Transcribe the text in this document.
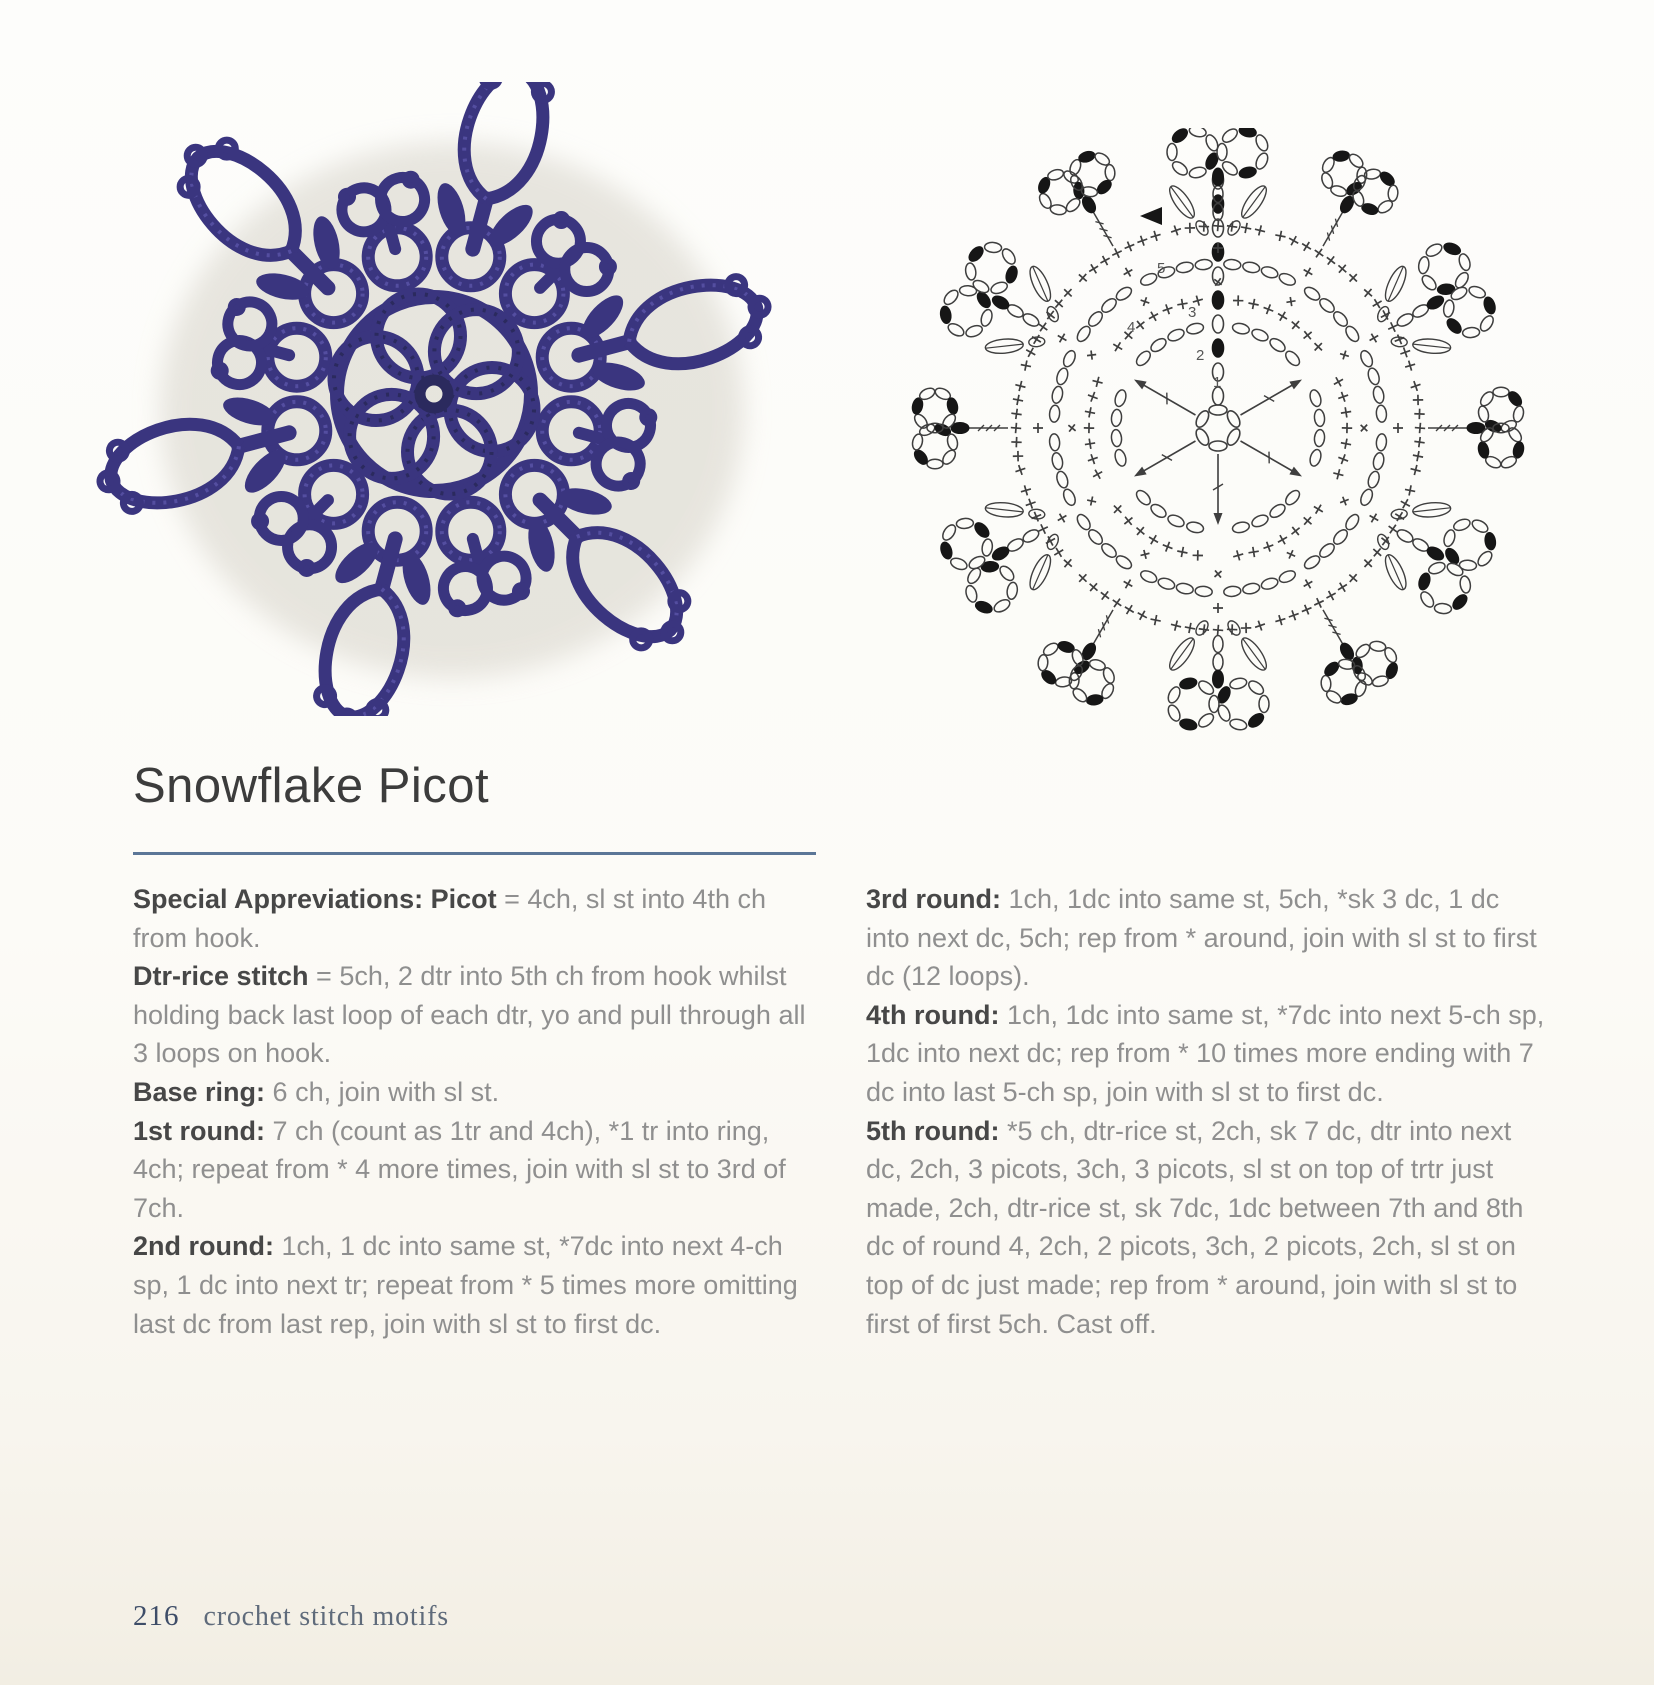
1
2
3
4
5
Snowflake Picot

Special Appreviations: Picot = 4ch, sl st into 4th ch from hook.

Dtr-rice stitch = 5ch, 2 dtr into 5th ch from hook whilst holding back last loop of each dtr, yo and pull through all 3 loops on hook.

Base ring: 6 ch, join with sl st.

1st round: 7 ch (count as 1tr and 4ch), *1 tr into ring, 4ch; repeat from * 4 more times, join with sl st to 3rd of 7ch.

2nd round: 1ch, 1 dc into same st, *7dc into next 4-ch sp, 1 dc into next tr; repeat from * 5 times more omitting last dc from last rep, join with sl st to first dc.

3rd round: 1ch, 1dc into same st, 5ch, *sk 3 dc, 1 dc into next dc, 5ch; rep from * around, join with sl st to first dc (12 loops).

4th round: 1ch, 1dc into same st, *7dc into next 5-ch sp, 1dc into next dc; rep from * 10 times more ending with 7 dc into last 5-ch sp, join with sl st to first dc.

5th round: *5 ch, dtr-rice st, 2ch, sk 7 dc, dtr into next dc, 2ch, 3 picots, 3ch, 3 picots, sl st on top of trtr just made, 2ch, dtr-rice st, sk 7dc, 1dc between 7th and 8th dc of round 4, 2ch, 2 picots, 3ch, 2 picots, 2ch, sl st on top of dc just made; rep from * around, join with sl st to first of first 5ch. Cast off.

216 crochet stitch motifs
